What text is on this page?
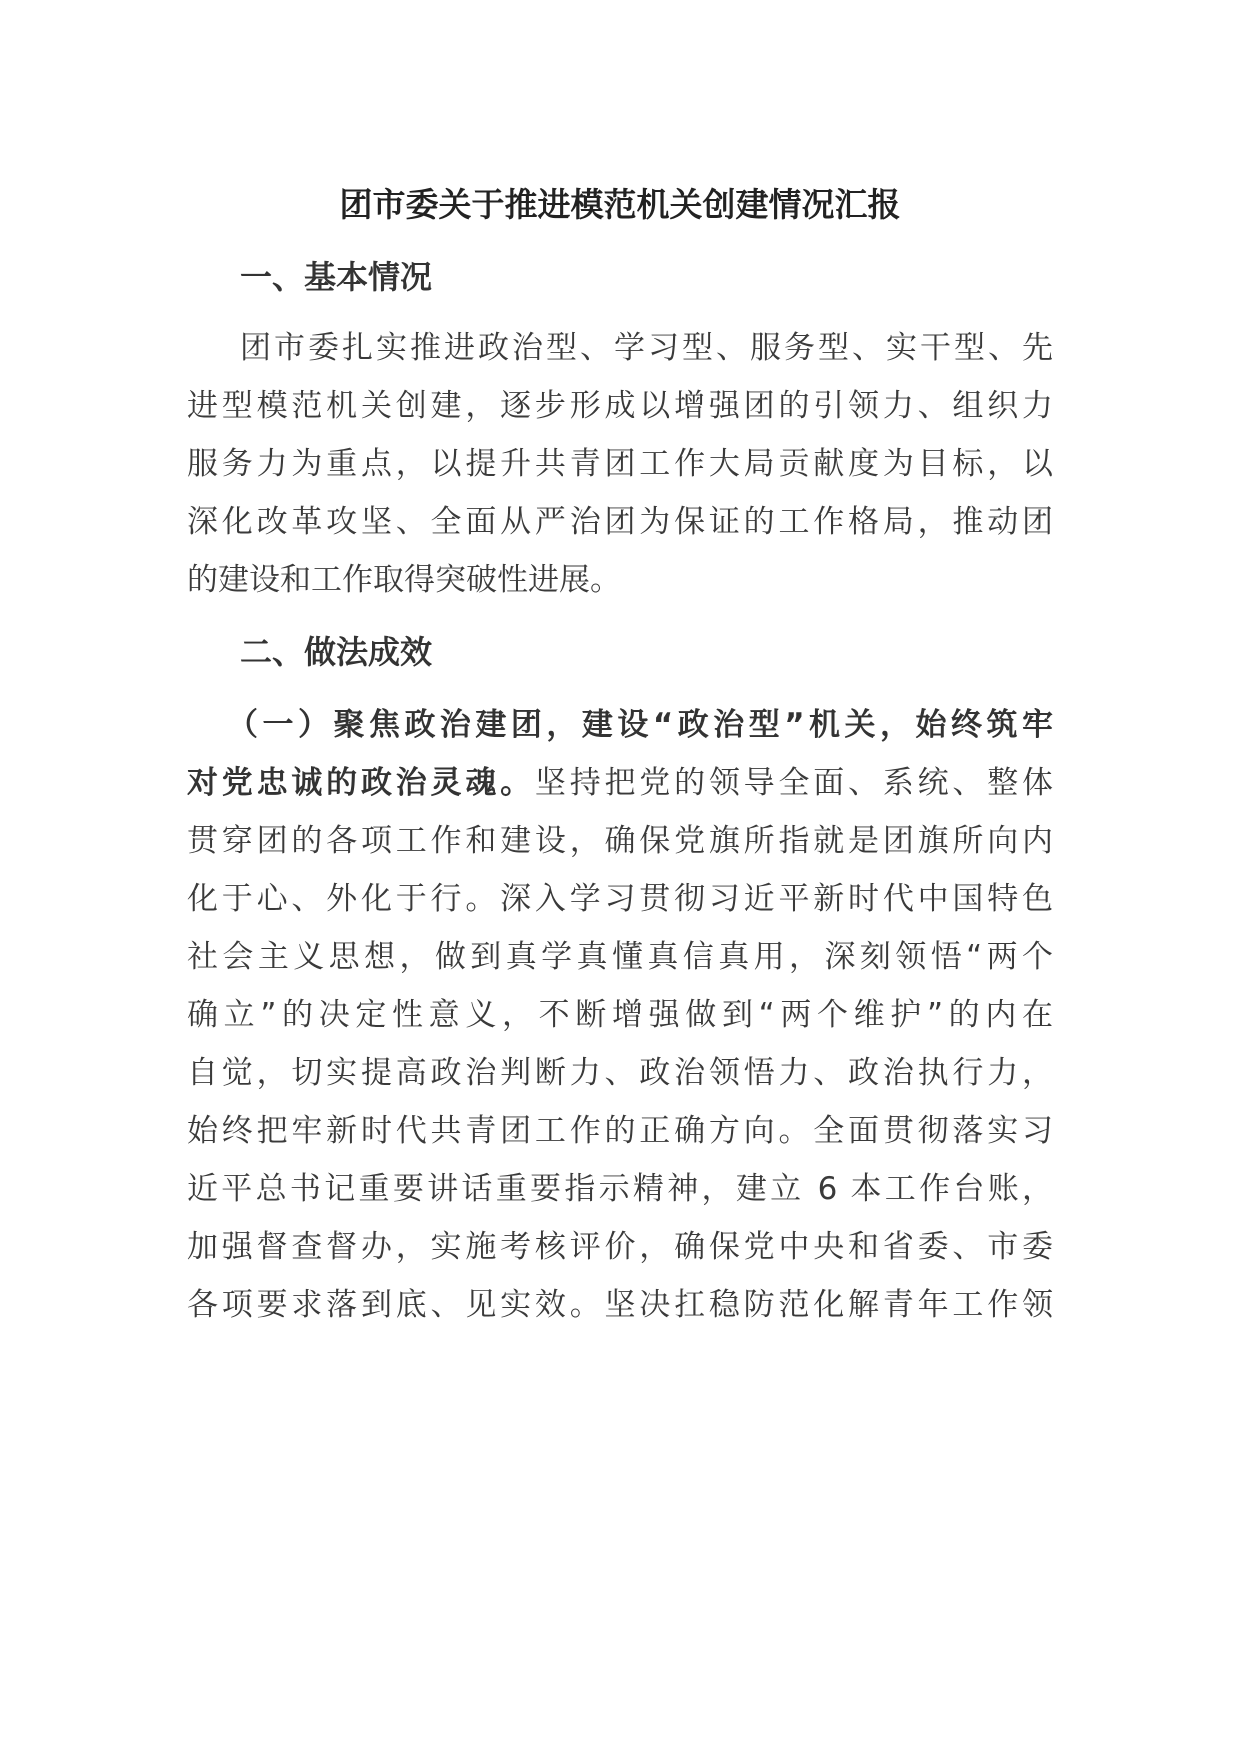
团市委关于推进模范机关创建情况汇报
一、基本情况
团市委扎实推进政治型、学习型、服务型、实干型、先
进型模范机关创建，逐步形成以增强团的引领力、组织力
服务力为重点，以提升共青团工作大局贡献度为目标，以
深化改革攻坚、全面从严治团为保证的工作格局，推动团
的建设和工作取得突破性进展。
二、做法成效
（一）聚焦政治建团，建设“政治型”机关，始终筑牢
对党忠诚的政治灵魂。坚持把党的领导全面、系统、整体
贯穿团的各项工作和建设，确保党旗所指就是团旗所向内
化于心、外化于行。深入学习贯彻习近平新时代中国特色
社会主义思想，做到真学真懂真信真用，深刻领悟“两个
确立”的决定性意义，不断增强做到“两个维护”的内在
自觉，切实提高政治判断力、政治领悟力、政治执行力，
始终把牢新时代共青团工作的正确方向。全面贯彻落实习
近平总书记重要讲话重要指示精神，建立 6 本工作台账，
加强督查督办，实施考核评价，确保党中央和省委、市委
各项要求落到底、见实效。坚决扛稳防范化解青年工作领
